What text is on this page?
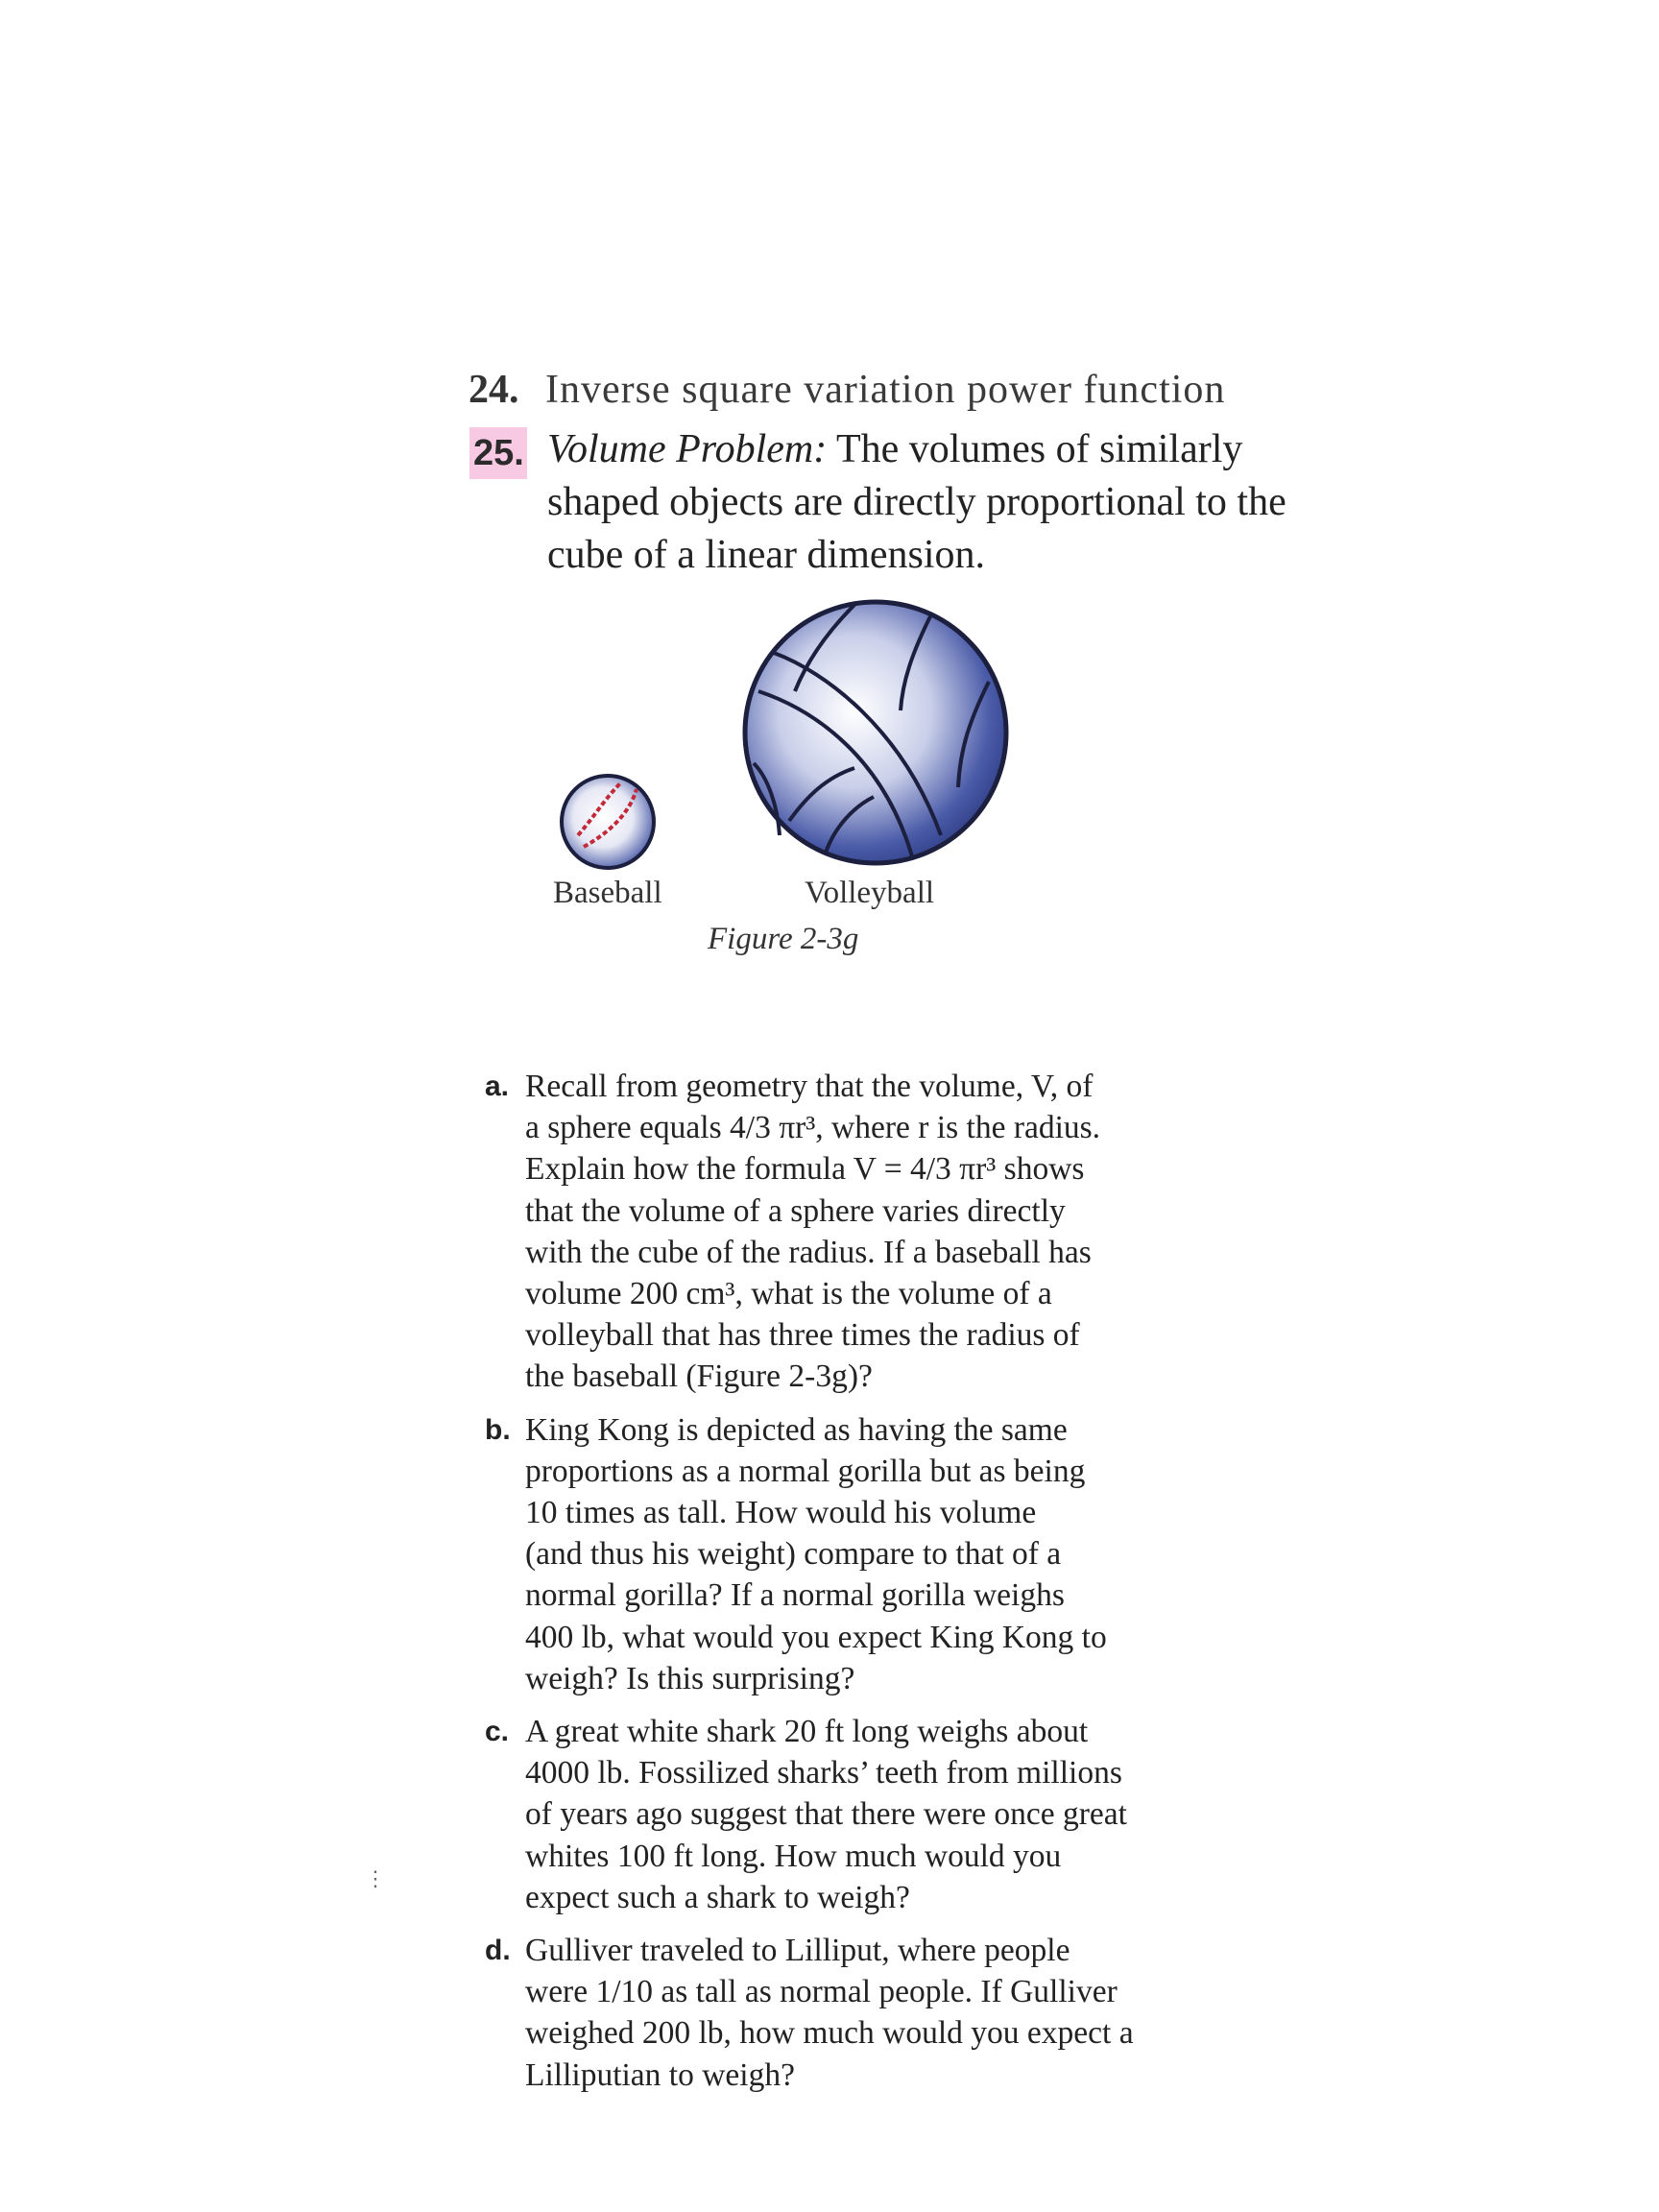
24. Inverse square variation power function
25. Volume Problem: The volumes of similarly
shaped objects are directly proportional to the
cube of a linear dimension.
Baseball	Volleyball
Figure 2-3g
a. Recall from geometry that the volume, V, of
a sphere equals 4/3 πr³, where r is the radius.
Explain how the formula V = 4/3 πr³ shows
that the volume of a sphere varies directly
with the cube of the radius. If a baseball has
volume 200 cm³, what is the volume of a
volleyball that has three times the radius of
the baseball (Figure 2-3g)?
b. King Kong is depicted as having the same
proportions as a normal gorilla but as being
10 times as tall. How would his volume
(and thus his weight) compare to that of a
normal gorilla? If a normal gorilla weighs
400 lb, what would you expect King Kong to
weigh? Is this surprising?
c. A great white shark 20 ft long weighs about
4000 lb. Fossilized sharks’ teeth from millions
of years ago suggest that there were once great
whites 100 ft long. How much would you
expect such a shark to weigh?
d. Gulliver traveled to Lilliput, where people
were 1/10 as tall as normal people. If Gulliver
weighed 200 lb, how much would you expect a
Lilliputian to weigh?
⋮
